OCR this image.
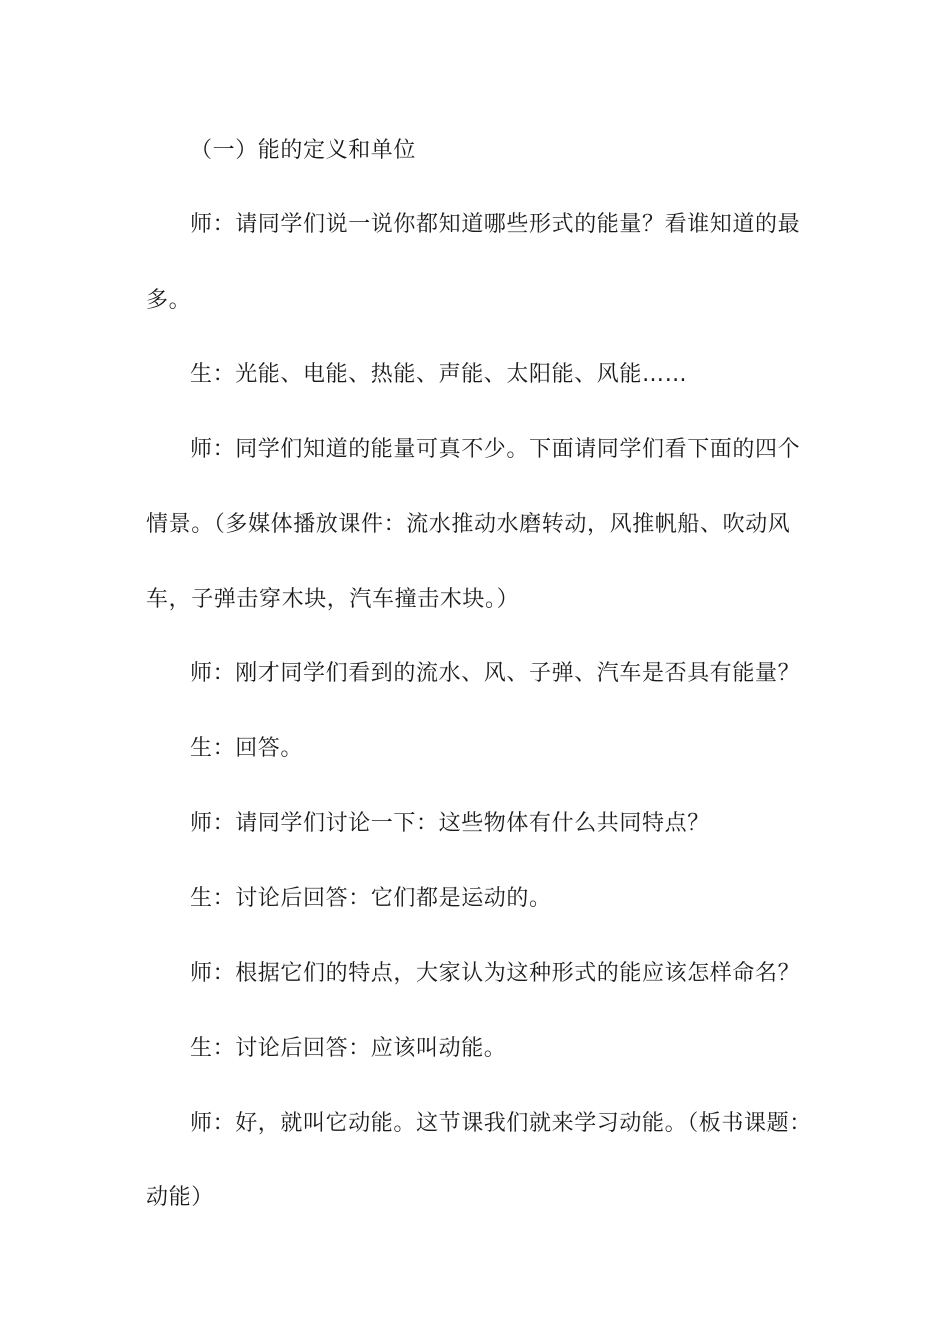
（一）能的定义和单位
师：请同学们说一说你都知道哪些形式的能量？看谁知道的最
多。
生：光能、电能、热能、声能、太阳能、风能……
师：同学们知道的能量可真不少。下面请同学们看下面的四个
情景。（多媒体播放课件：流水推动水磨转动，风推帆船、吹动风
车，子弹击穿木块，汽车撞击木块。）
师：刚才同学们看到的流水、风、子弹、汽车是否具有能量？
生：回答。
师：请同学们讨论一下：这些物体有什么共同特点？
生：讨论后回答：它们都是运动的。
师：根据它们的特点，大家认为这种形式的能应该怎样命名？
生：讨论后回答：应该叫动能。
师：好，就叫它动能。这节课我们就来学习动能。（板书课题：
动能）
